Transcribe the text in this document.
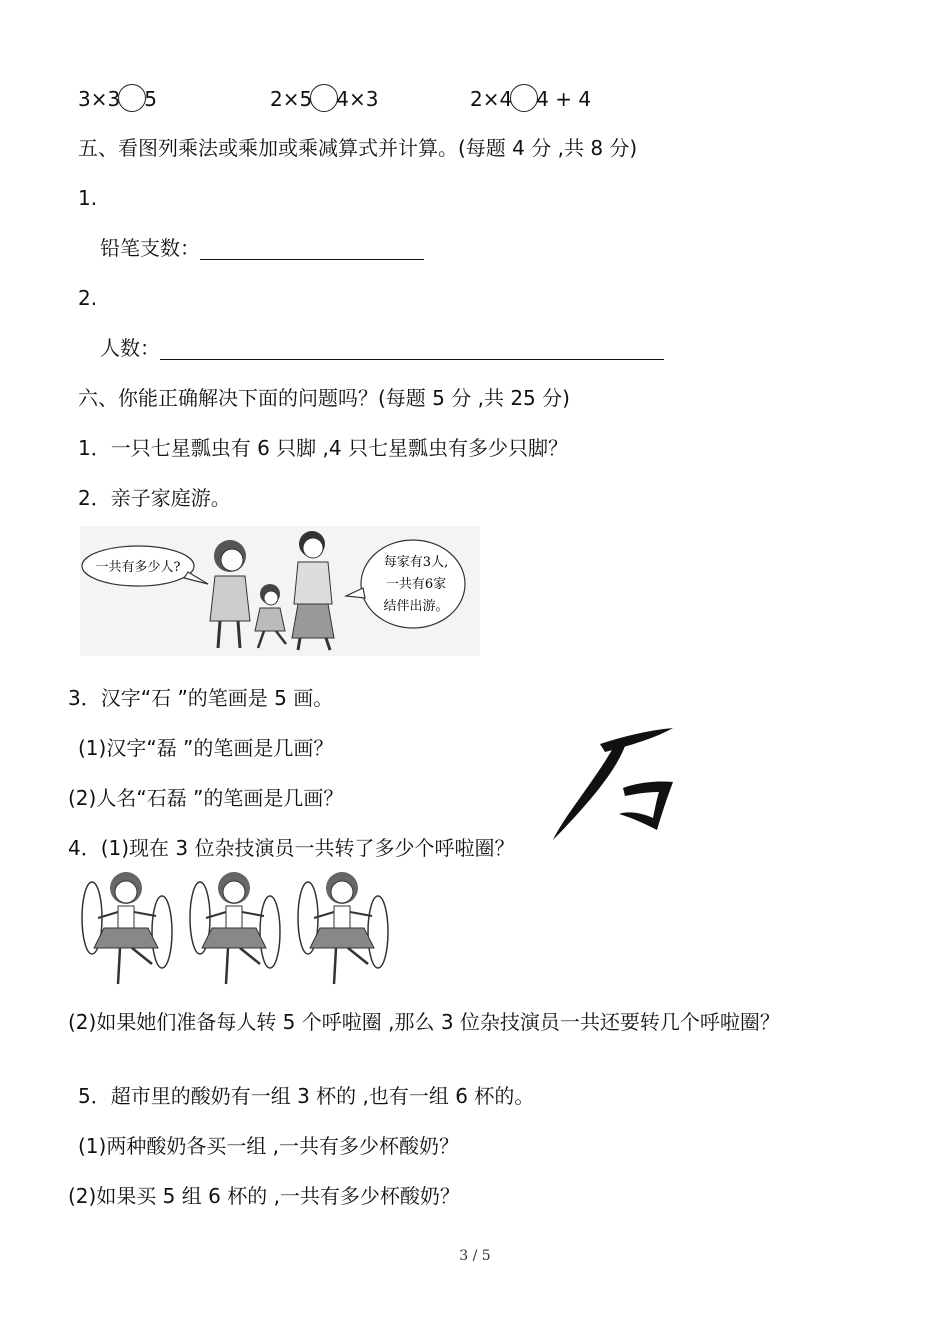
3×3 5	2×5 4×3	2×4 4 + 4
五、看图列乘法或乘加或乘减算式并计算。(每题 4 分 ,共 8 分)
1.
铅笔支数：
2.
人数：
六、你能正确解决下面的问题吗？(每题 5 分 ,共 25 分)
1．一只七星瓢虫有 6 只脚 ,4 只七星瓢虫有多少只脚？
2．亲子家庭游。
一共有多少人?	每家有3人,
一共有6家
结伴出游。
3．汉字“石 ”的笔画是 5 画。
(1)汉字“磊 ”的笔画是几画？
(2)人名“石磊 ”的笔画是几画？
4．(1)现在 3 位杂技演员一共转了多少个呼啦圈？
(2)如果她们准备每人转 5 个呼啦圈 ,那么 3 位杂技演员一共还要转几个呼啦圈？
5．超市里的酸奶有一组 3 杯的 ,也有一组 6 杯的。
(1)两种酸奶各买一组 ,一共有多少杯酸奶？
(2)如果买 5 组 6 杯的 ,一共有多少杯酸奶？
3 / 5
